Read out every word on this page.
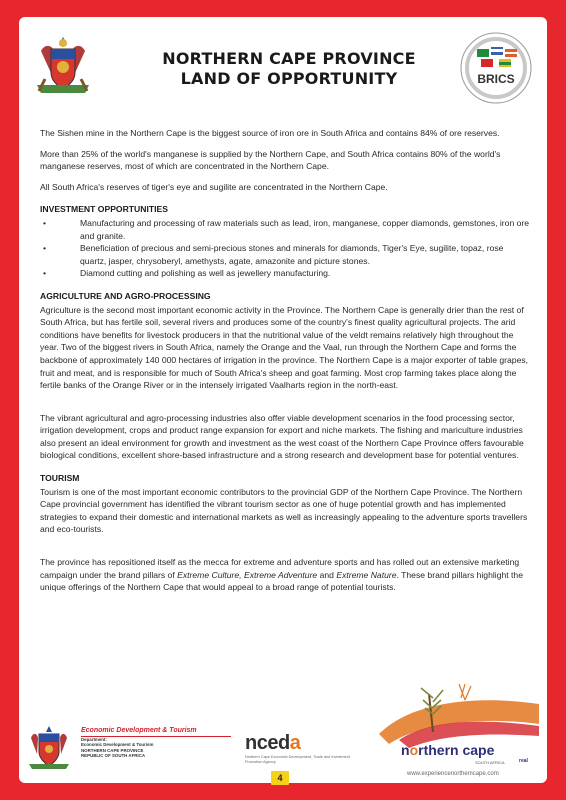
NORTHERN CAPE PROVINCE
LAND OF OPPORTUNITY	BRICS

The Sishen mine in the Northern Cape is the biggest source of iron ore in South Africa and contains 84% of ore reserves.

More than 25% of the world's manganese is supplied by the Northern Cape, and South Africa contains 80% of the world's manganese reserves, most of which are concentrated in the Northern Cape.

All South Africa's reserves of tiger's eye and sugilite are concentrated in the Northern Cape.

INVESTMENT OPPORTUNITIES
•	Manufacturing and processing of raw materials such as lead, iron, manganese, copper diamonds, gemstones, iron ore and granite.
•	Beneficiation of precious and semi-precious stones and minerals for diamonds, Tiger's Eye, sugilite, topaz, rose quartz, jasper, chrysoberyl, amethysts, agate, amazonite and picture stones.
•	Diamond cutting and polishing as well as jewellery manufacturing.
AGRICULTURE AND AGRO-PROCESSING

Agriculture is the second most important economic activity in the Province. The Northern Cape is generally drier than the rest of South Africa, but has fertile soil, several rivers and produces some of the country's finest quality agricultural projects. The arid conditions have benefits for livestock producers in that the nutritional value of the veldt remains relatively high throughout the year. Two of the biggest rivers in South Africa, namely the Orange and the Vaal, run through the Northern Cape and forms the backbone of approximately 140 000 hectares of irrigation in the province. The Northern Cape is a major exporter of table grapes, fruit and meat, and is responsible for much of South Africa's sheep and goat farming. Most crop farming takes place along the fertile banks of the Orange River or in the intensely irrigated Vaalharts region in the north-east.

The vibrant agricultural and agro-processing industries also offer viable development scenarios in the food processing sector, irrigation development, crops and product range expansion for export and niche markets. The fishing and mariculture industries also present an ideal environment for growth and investment as the west coast of the Northern Cape Province offers favourable biological conditions, excellent shore-based infrastructure and a strong research and development base for potential ventures.

TOURISM

Tourism is one of the most important economic contributors to the provincial GDP of the Northern Cape Province. The Northern Cape provincial government has identified the vibrant tourism sector as one of huge potential growth and has implemented strategies to expand their domestic and international markets as well as increasingly appealing to the adventure sports travellers and eco-tourists.

The province has repositioned itself as the mecca for extreme and adventure sports and has rolled out an extensive marketing campaign under the brand pillars of Extreme Culture, Extreme Adventure and Extreme Nature. These brand pillars highlight the unique offerings of the Northern Cape that would appeal to a broad range of potential tourists.

Economic Development & Tourism
Department:
Economic Development & Tourism
NORTHERN CAPE PROVINCE
REPUBLIC OF SOUTH AFRICA
nceda
Northern Cape Economic Development, Trade and Investment Promotion Agency
northern cape
SOUTH AFRICA	real
www.experiencenorthemcape.com
4
